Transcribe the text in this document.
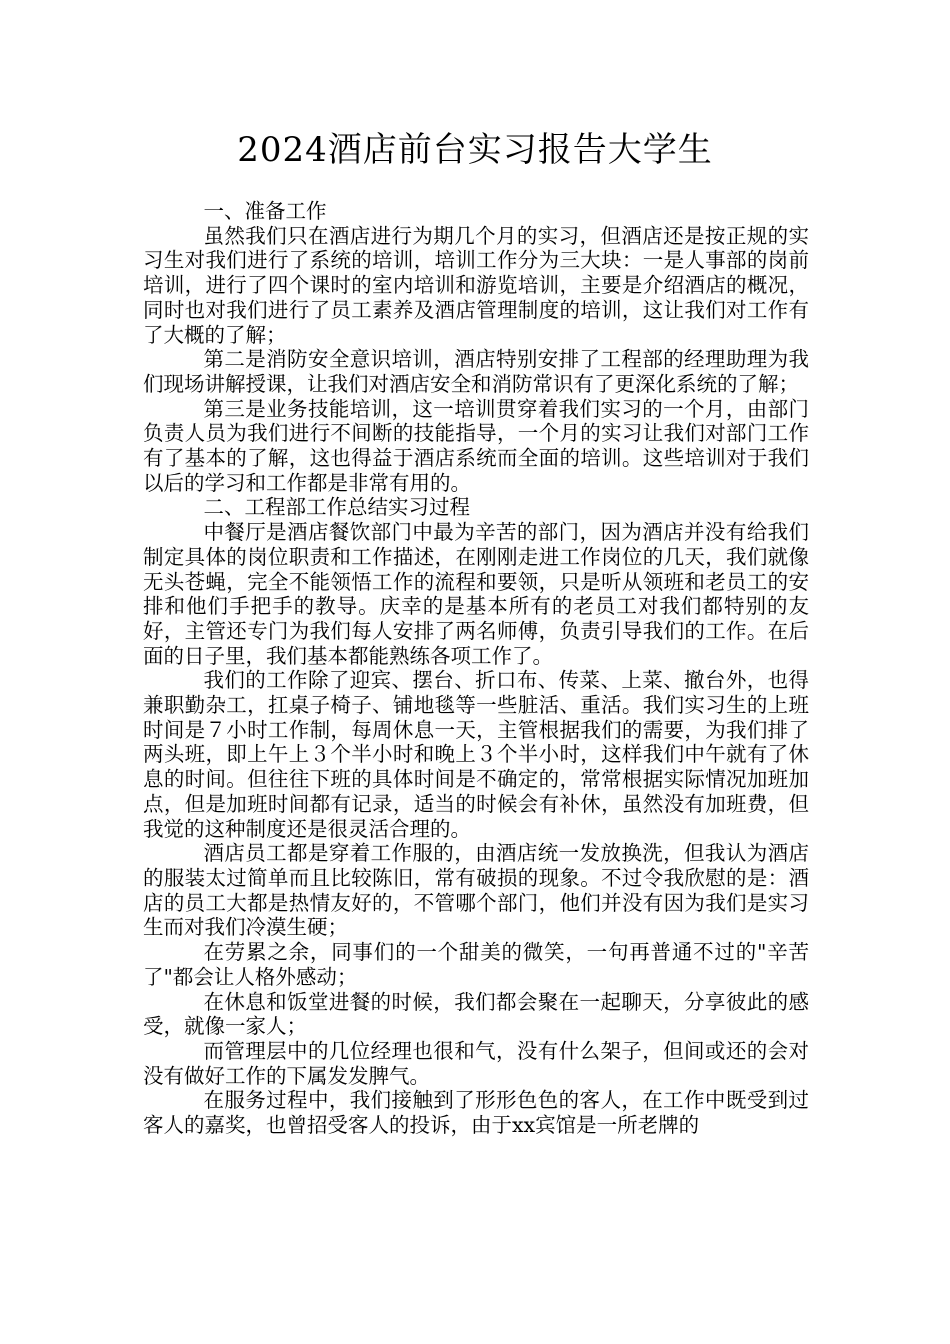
2024酒店前台实习报告大学生

一、准备工作

虽然我们只在酒店进行为期几个月的实习，但酒店还是按正规的实习生对我们进行了系统的培训，培训工作分为三大块：一是人事部的岗前培训，进行了四个课时的室内培训和游览培训，主要是介绍酒店的概况，同时也对我们进行了员工素养及酒店管理制度的培训，这让我们对工作有了大概的了解；

第二是消防安全意识培训，酒店特别安排了工程部的经理助理为我们现场讲解授课，让我们对酒店安全和消防常识有了更深化系统的了解；

第三是业务技能培训，这一培训贯穿着我们实习的一个月，由部门负责人员为我们进行不间断的技能指导，一个月的实习让我们对部门工作有了基本的了解，这也得益于酒店系统而全面的培训。这些培训对于我们以后的学习和工作都是非常有用的。

二、工程部工作总结实习过程

中餐厅是酒店餐饮部门中最为辛苦的部门，因为酒店并没有给我们制定具体的岗位职责和工作描述，在刚刚走进工作岗位的几天，我们就像无头苍蝇，完全不能领悟工作的流程和要领，只是听从领班和老员工的安排和他们手把手的教导。庆幸的是基本所有的老员工对我们都特别的友好，主管还专门为我们每人安排了两名师傅，负责引导我们的工作。在后面的日子里，我们基本都能熟练各项工作了。

我们的工作除了迎宾、摆台、折口布、传菜、上菜、撤台外，也得兼职勤杂工，扛桌子椅子、铺地毯等一些脏活、重活。我们实习生的上班时间是７小时工作制，每周休息一天，主管根据我们的需要，为我们排了两头班，即上午上３个半小时和晚上３个半小时，这样我们中午就有了休息的时间。但往往下班的具体时间是不确定的，常常根据实际情况加班加点，但是加班时间都有记录，适当的时候会有补休，虽然没有加班费，但我觉的这种制度还是很灵活合理的。

酒店员工都是穿着工作服的，由酒店统一发放换洗，但我认为酒店的服装太过简单而且比较陈旧，常有破损的现象。不过令我欣慰的是：酒店的员工大都是热情友好的，不管哪个部门，他们并没有因为我们是实习生而对我们冷漠生硬；

在劳累之余，同事们的一个甜美的微笑，一句再普通不过的"辛苦了"都会让人格外感动；

在休息和饭堂进餐的时候，我们都会聚在一起聊天，分享彼此的感受，就像一家人；

而管理层中的几位经理也很和气，没有什么架子，但间或还的会对没有做好工作的下属发发脾气。

在服务过程中，我们接触到了形形色色的客人，在工作中既受到过客人的嘉奖，也曾招受客人的投诉，由于xx宾馆是一所老牌的
